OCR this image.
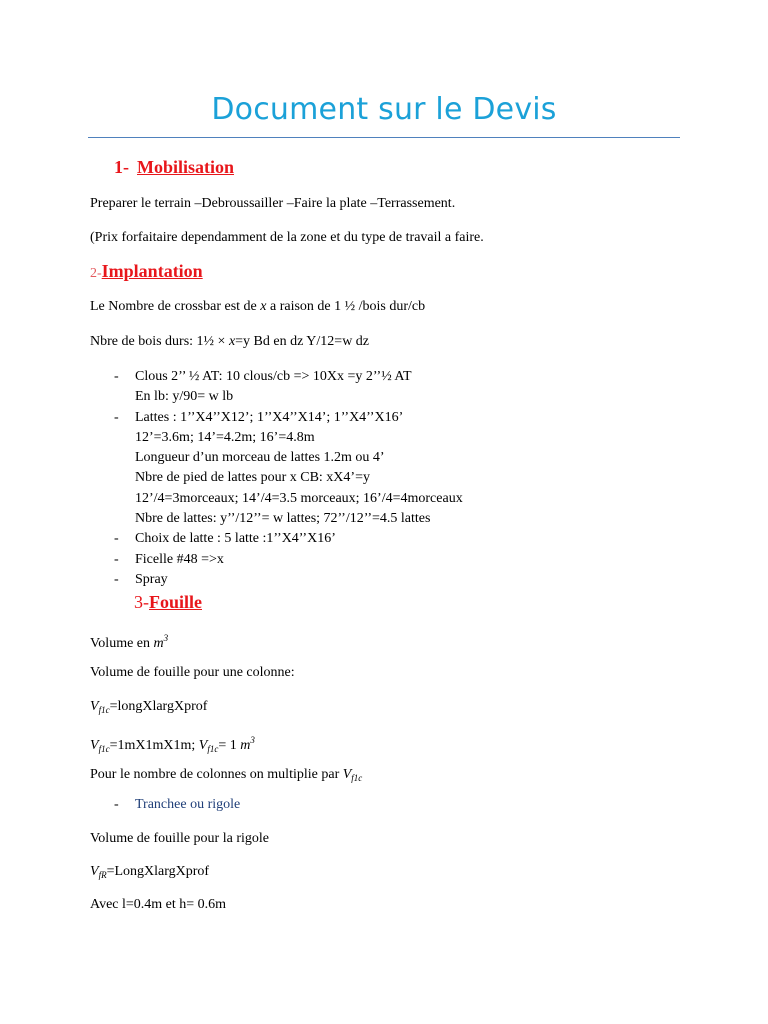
Document sur le Devis
1- Mobilisation
Preparer le terrain –Debroussailler –Faire la plate –Terrassement.
(Prix forfaitaire dependamment de la zone et du type de travail a faire.
2-Implantation
Le Nombre de crossbar est de x a raison de 1 ½ /bois dur/cb
Nbre de bois durs: 1½ × x=y Bd en dz Y/12=w dz
- Clous 2’’ ½ AT: 10 clous/cb => 10Xx =y 2’’½ AT
En lb: y/90= w lb
- Lattes : 1’’X4’’X12’; 1’’X4’’X14’; 1’’X4’’X16’
12’=3.6m; 14’=4.2m; 16’=4.8m
Longueur d’un morceau de lattes 1.2m ou 4’
Nbre de pied de lattes pour x CB: xX4’=y
12’/4=3morceaux; 14’/4=3.5 morceaux; 16’/4=4morceaux
Nbre de lattes: y’’/12’’= w lattes; 72’’/12’’=4.5 lattes
- Choix de latte : 5 latte :1’’X4’’X16’
- Ficelle #48 =>x
- Spray
3-Fouille
Volume en $m^3$
Volume de fouille pour une colonne:
$V_{f1c}=longXlargXprof$
$V_{f1c}=1mX1mX1m$; $V_{f1c}= 1$ $m^3$
Pour le nombre de colonnes on multiplie par $V_{f1c}$
- Tranchee ou rigole
Volume de fouille pour la rigole
$V_{fR}=LongXlargXprof$
Avec l=0.4m et h= 0.6m
